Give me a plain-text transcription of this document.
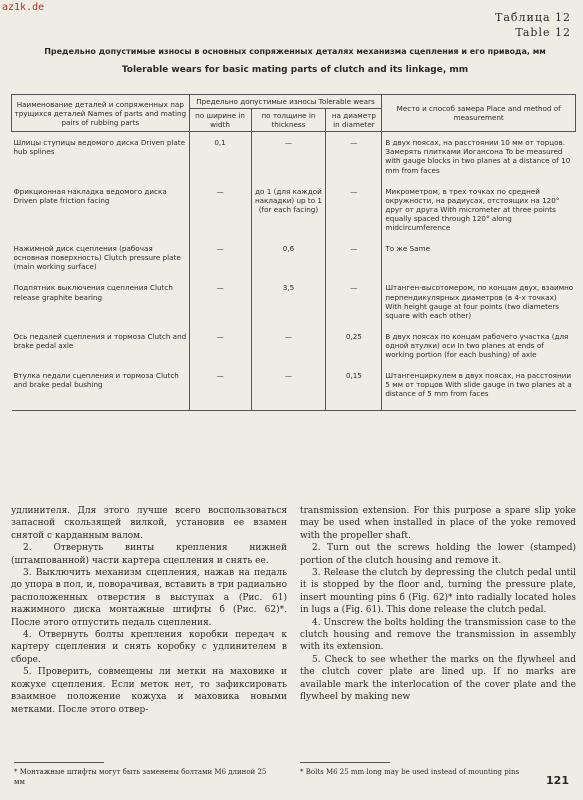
az1k.de
Таблица 12
Table 12
Предельно допустимые износы в основных сопряженных деталях механизма сцепления и его привода, мм
Tolerable wears for basic mating parts of clutch and its linkage, mm
Наименование деталей и сопряженных пар трущихся деталей Names of parts and mating pairs of rubbing parts	Предельно допустимые износы Tolerable wears			Место и способ замера Place and method of measurement
	по ширине in width	по толщине in thickness	на диаметр in diameter	
Шлицы ступицы ведомого диска Driven plate hub splines	0,1	—	—	В двух поясах, на расстоянии 10 мм от торцов. Замерять плитками Иогансона To be measured with gauge blocks in two planes at a distance of 10 mm from faces
Фрикционная накладка ведомого диска Driven plate friction facing	—	до 1 (для каждой накладки) up to 1 (for each facing)	—	Микрометром, в трех точках по средней окружности, на радиусах, отстоящих на 120° друг от друга With micrometer at three points equally spaced through 120° along midcircumference
Нажимной диск сцепления (рабочая основная поверхность) Clutch pressure plate (main working surface)	—	0,6	—	То же Same
Подпятник выключения сцепления Clutch release graphite bearing	—	3,5	—	Штанген-высотомером, по концам двух, взаимно перпендикулярных диаметров (в 4-х точках) With height gauge at four points (two diameters square with each other)
Ось педалей сцепления и тормоза Clutch and brake pedal axle	—	—	0,25	В двух поясах по концам рабочего участка (для одной втулки) оси In two planes at ends of working portion (for each bushing) of axle
Втулка педали сцепления и тормоза Clutch and brake pedal bushing	—	—	0,15	Штангенциркулем в двух поясах, на расстоянии 5 мм от торцов With slide gauge in two planes at a distance of 5 mm from faces

удлинителя. Для этого лучше всего воспользоваться запасной скользящей вилкой, установив ее взамен снятой с карданным валом.

2. Отвернуть винты крепления нижней (штампованной) части картера сцепления и снять ее.

3. Выключить механизм сцепления, нажав на педаль до упора в пол, и, поворачивая, вставить в три радиально расположенных отверстия в выступах а (Рис. 61) нажимного диска монтажные штифты б (Рис. 62)*. После этого отпустить педаль сцепления.

4. Отвернуть болты крепления коробки передач к картеру сцепления и снять коробку с удлинителем в сборе.

5. Проверить, совмещены ли метки на маховике и кожухе сцепления. Если меток нет, то зафиксировать взаимное положение кожуха и маховика новыми метками. После этого отвер-

transmission extension. For this purpose a spare slip yoke may be used when installed in place of the yoke removed with the propeller shaft.

2. Turn out the screws holding the lower (stamped) portion of the clutch housing and remove it.

3. Release the clutch by depressing the clutch pedal until it is stopped by the floor and, turning the pressure plate, insert mounting pins б (Fig. 62)* into radially located holes in lugs а (Fig. 61). This done release the clutch pedal.

4. Unscrew the bolts holding the transmission case to the clutch housing and remove the transmission in assembly with its extension.

5. Check to see whether the marks on the flywheel and the clutch cover plate are lined up. If no marks are available mark the interlocation of the cover plate and the flywheel by making new

* Монтажные штифты могут быть заменены болтами М6 длиной 25 мм
* Bolts M6 25 mm long may be used instead of mounting pins
121
